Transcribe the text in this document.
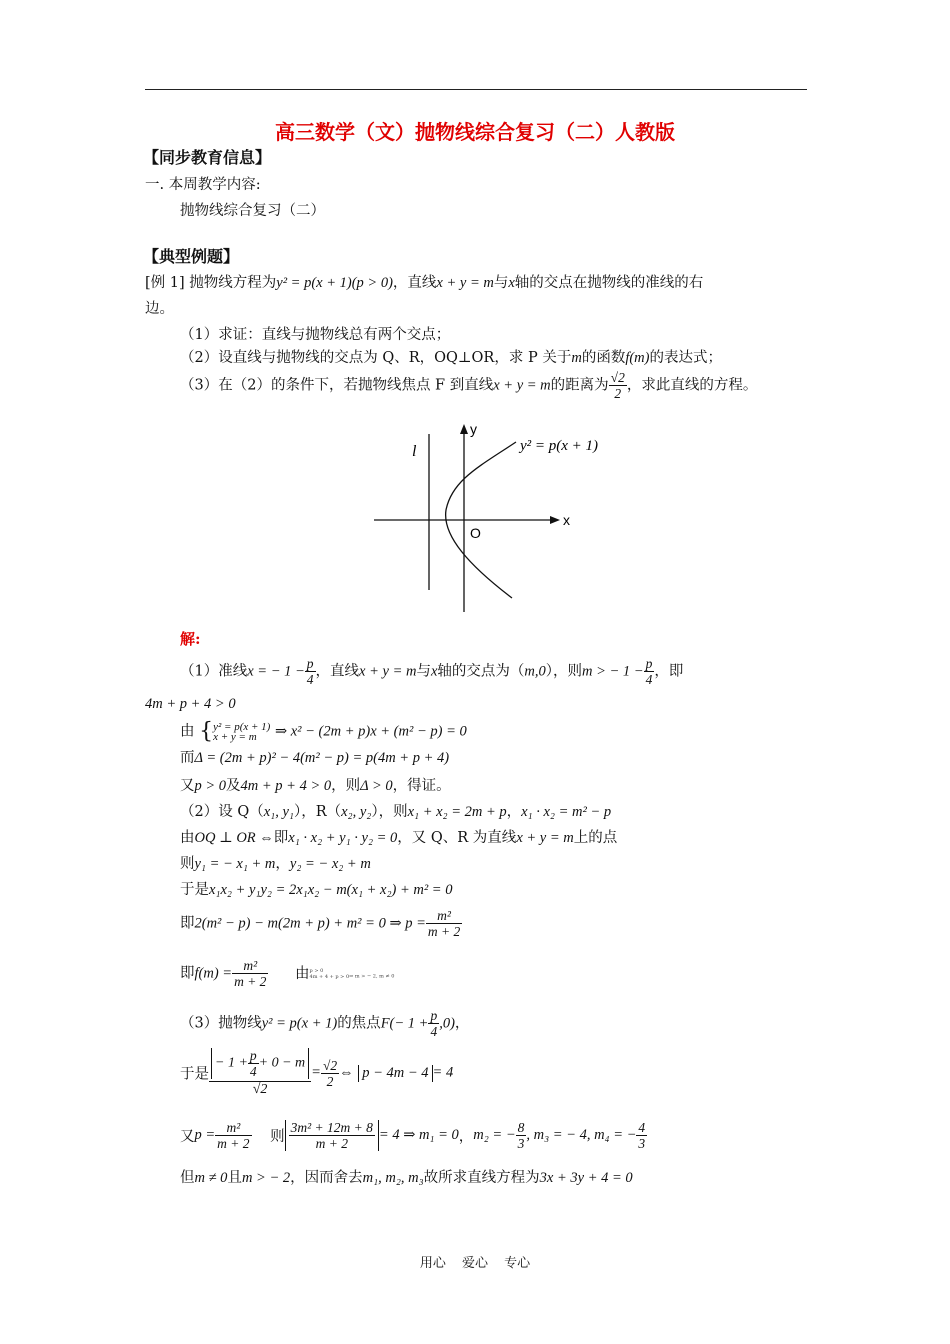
高三数学（文）抛物线综合复习（二）人教版
【同步教育信息】
一. 本周教学内容:
抛物线综合复习（二）
【典型例题】
[例 1] 抛物线方程为y² = p(x + 1)(p > 0)，直线x + y = m与x轴的交点在抛物线的准线的右
边。
（1）求证：直线与抛物线总有两个交点；
（2）设直线与抛物线的交点为 Q、R，OQ⊥OR，求 P 关于m的函数f(m)的表达式；
（3）在（2）的条件下，若抛物线焦点 F 到直线x + y = m的距离为 $\frac{√2}{2}$ ，求此直线的方程。
l
y
x
O
y² = p(x + 1)
解:
（1）准线x = − $1 - \frac{p}{4}$ ，直线x + y = m与x轴的交点为（m,0），则m > − $1 - \frac{p}{4}$ ，即
4m + p + 4 > 0
由 { y² = p(x + 1)
x + y = m	⇒ x² − (2m + p)x + (m² − p) = 0
而Δ = (2m + p)² − 4(m² − p) = p(4m + p + 4)
又p > 0及4m + p + 4 > 0，则Δ > 0，得证。
（2）设 Q（x₁, y₁），R（x₂, y₂），则x₁ + x₂ = 2m + p，x₁ · x₂ = m² − p
由OQ ⊥ OR ⇔即x₁ · x₂ + y₁ · y₂ = 0，又 Q、R 为直线x + y = m上的点
则y₁ = − x₁ + m，y₂ = − x₂ + m
于是x₁x₂ + y₁y₂ = 2x₁x₂ − m(x₁ + x₂) + m² = 0
即2(m² − p) − m(2m + p) + m² = 0 ⇒ $p = \frac{\text{m²}}{m + 2}$
即$f(m) = \frac{\text{m²}}{m + 2}$ 由 p > 0
4m + 4 + p > 0 ⇒ m > − 2, m ≠ 0
（3）抛物线y² = p(x + 1)的焦点$F(- 1 + \frac{p}{4} ,0)$，
于是 $\frac{- 1 + \frac{p}{4} + 0 - m}{√2} = \frac{√2}{2}$ ⇔ p − 4m − 4 = 4
又$p = \frac{\text{m²}}{m + 2}$ 则 $\frac{\text{3m² + 12m + 8}}{m + 2} = 4$ ⇒ m₁ = 0，m₂ = − $\frac{8}{3}$ , m₃ = − 4, m₄ = − $\frac{4}{3}$
但m ≠ 0且m > − 2，因而舍去m₁, m₂, m₃故所求直线方程为3x + 3y + 4 = 0
用心 爱心 专心
